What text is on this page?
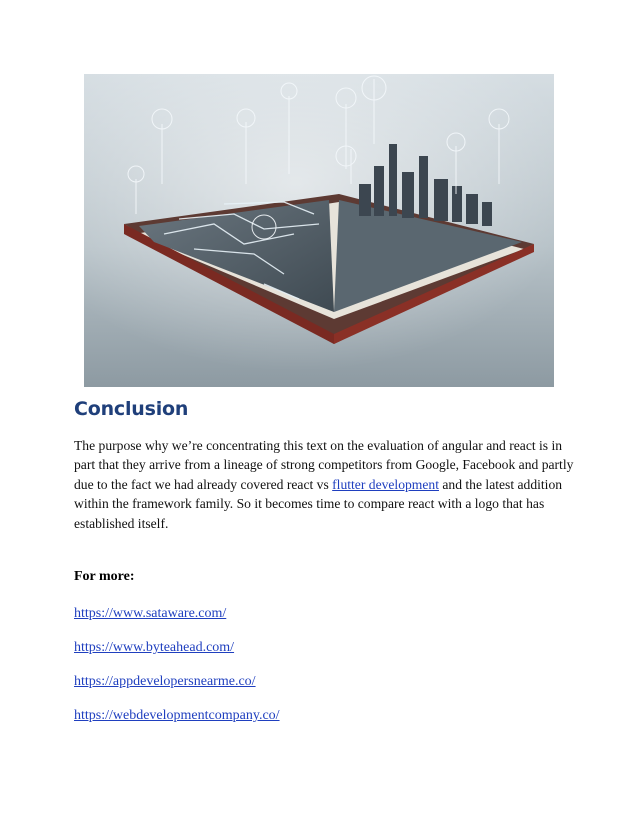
Conclusion

The purpose why we’re concentrating this text on the evaluation of angular and react is in part that they arrive from a lineage of strong competitors from Google, Facebook and partly due to the fact we had already covered react vs flutter development and the latest addition within the framework family. So it becomes time to compare react with a logo that has established itself.

For more:

https://www.sataware.com/
https://www.byteahead.com/
https://appdevelopersnearme.co/
https://webdevelopmentcompany.co/
